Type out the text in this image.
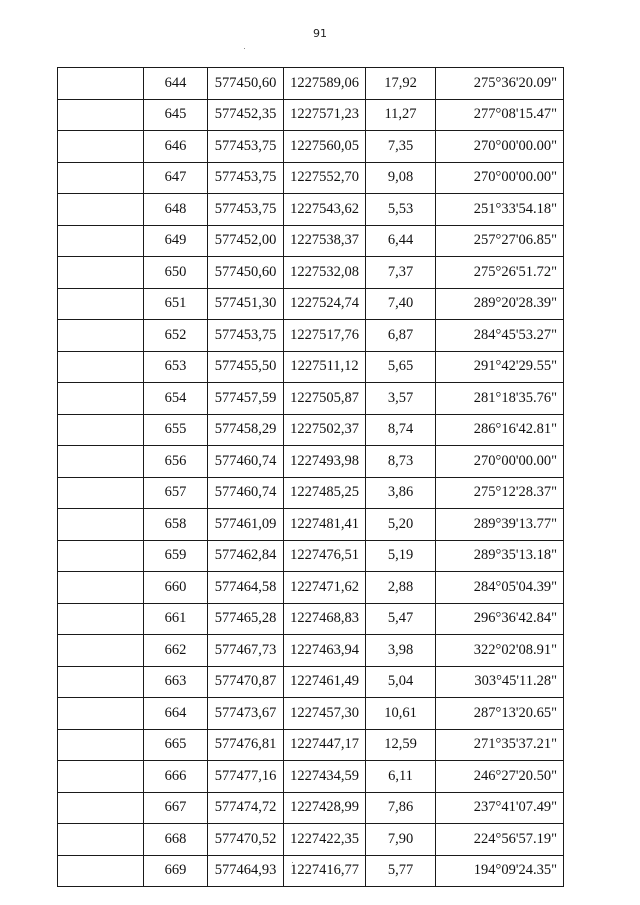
91
	644	577450,60	1227589,06	17,92	275°36'20.09"
	645	577452,35	1227571,23	11,27	277°08'15.47"
	646	577453,75	1227560,05	7,35	270°00'00.00"
	647	577453,75	1227552,70	9,08	270°00'00.00"
	648	577453,75	1227543,62	5,53	251°33'54.18"
	649	577452,00	1227538,37	6,44	257°27'06.85"
	650	577450,60	1227532,08	7,37	275°26'51.72"
	651	577451,30	1227524,74	7,40	289°20'28.39"
	652	577453,75	1227517,76	6,87	284°45'53.27"
	653	577455,50	1227511,12	5,65	291°42'29.55"
	654	577457,59	1227505,87	3,57	281°18'35.76"
	655	577458,29	1227502,37	8,74	286°16'42.81"
	656	577460,74	1227493,98	8,73	270°00'00.00"
	657	577460,74	1227485,25	3,86	275°12'28.37"
	658	577461,09	1227481,41	5,20	289°39'13.77"
	659	577462,84	1227476,51	5,19	289°35'13.18"
	660	577464,58	1227471,62	2,88	284°05'04.39"
	661	577465,28	1227468,83	5,47	296°36'42.84"
	662	577467,73	1227463,94	3,98	322°02'08.91"
	663	577470,87	1227461,49	5,04	303°45'11.28"
	664	577473,67	1227457,30	10,61	287°13'20.65"
	665	577476,81	1227447,17	12,59	271°35'37.21"
	666	577477,16	1227434,59	6,11	246°27'20.50"
	667	577474,72	1227428,99	7,86	237°41'07.49"
	668	577470,52	1227422,35	7,90	224°56'57.19"
	669	577464,93	1227416,77	5,77	194°09'24.35"
